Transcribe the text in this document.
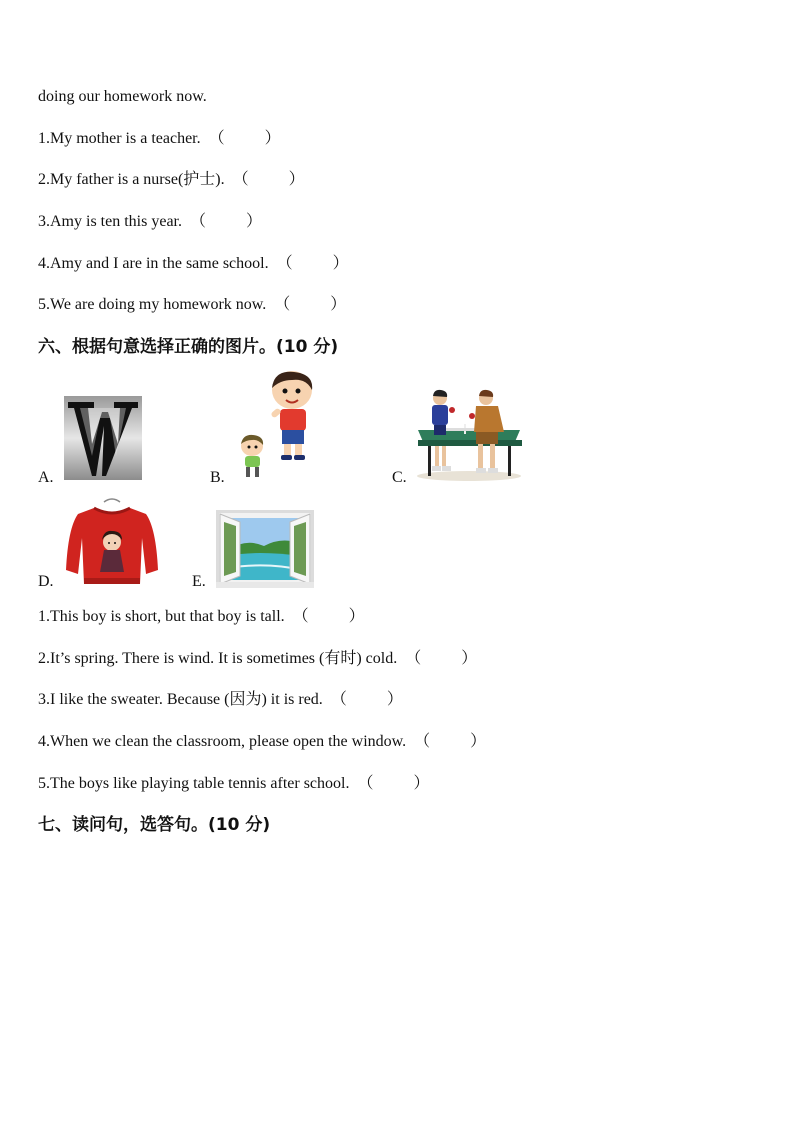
doing our homework now.
1.My mother is a teacher. （          ）
2.My father is a nurse(护士). （          ）
3.Amy is ten this year. （          ）
4.Amy and I are in the same school. （          ）
5.We are doing my homework now. （          ）
六、根据句意选择正确的图片。(10 分)
A.	B.	C.
D.	E.
1.This boy is short, but that boy is tall. （          ）
2.It’s spring. There is wind. It is sometimes (有时) cold. （          ）
3.I like the sweater. Because (因为) it is red. （          ）
4.When we clean the classroom, please open the window. （          ）
5.The boys like playing table tennis after school. （          ）
七、读问句，选答句。(10 分)
